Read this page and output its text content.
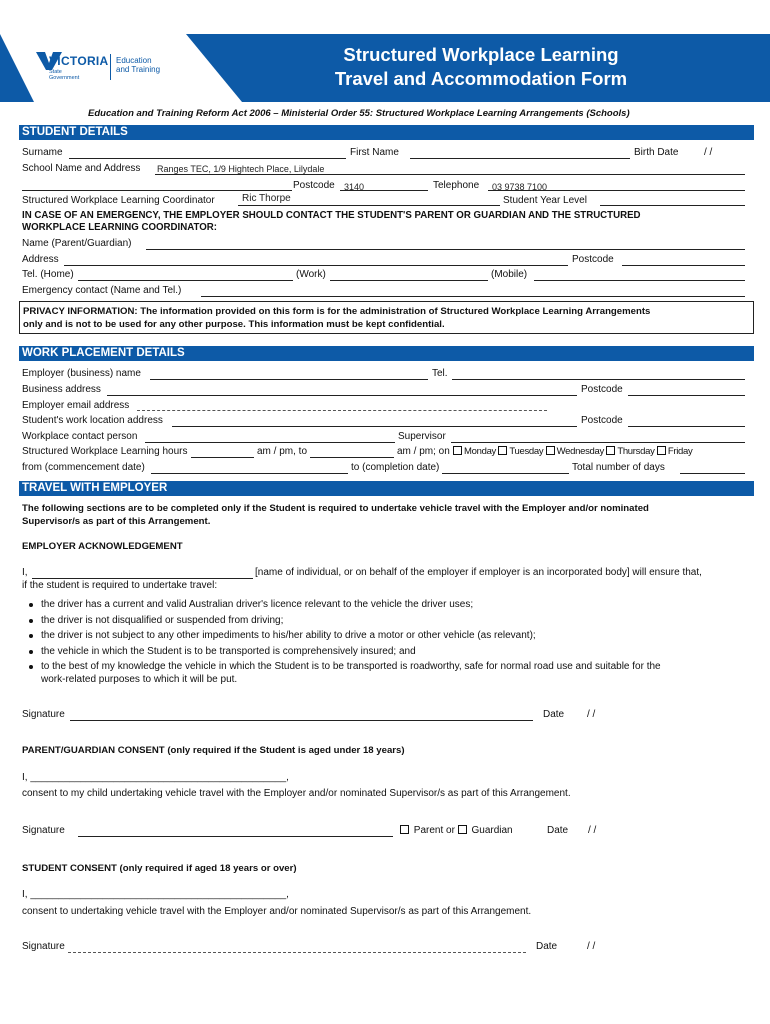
VICTORIA
State
Government
Education
and Training
Structured Workplace Learning
Travel and Accommodation Form
Education and Training Reform Act 2006 – Ministerial Order 55: Structured Workplace Learning Arrangements (Schools)
STUDENT DETAILS
Surname	First Name	Birth Date	/ /
School Name and Address Ranges TEC, 1/9 Hightech Place, Lilydale
Postcode 3140	Telephone 03 9738 7100
Structured Workplace Learning Coordinator	Ric Thorpe	Student Year Level
IN CASE OF AN EMERGENCY, THE EMPLOYER SHOULD CONTACT THE STUDENT'S PARENT OR GUARDIAN AND THE STRUCTURED
WORKPLACE LEARNING COORDINATOR:
Name (Parent/Guardian)
Address	Postcode
Tel. (Home)	(Work)	(Mobile)
Emergency contact (Name and Tel.)
PRIVACY INFORMATION: The information provided on this form is for the administration of Structured Workplace Learning Arrangements
only and is not to be used for any other purpose. This information must be kept confidential.
WORK PLACEMENT DETAILS
Employer (business) name	Tel.
Business address	Postcode
Employer email address
Student's work location address	Postcode
Workplace contact person	Supervisor
Structured Workplace Learning hours	am / pm, to	am / pm; on	Monday Tuesday Wednesday Thursday Friday
from (commencement date)	to (completion date)	Total number of days
TRAVEL WITH EMPLOYER
The following sections are to be completed only if the Student is required to undertake vehicle travel with the Employer and/or nominated
Supervisor/s as part of this Arrangement.
EMPLOYER ACKNOWLEDGEMENT
I,	[name of individual, or on behalf of the employer if employer is an incorporated body] will ensure that,
if the student is required to undertake travel:
the driver has a current and valid Australian driver's licence relevant to the vehicle the driver uses;
the driver is not disqualified or suspended from driving;
the driver is not subject to any other impediments to his/her ability to drive a motor or other vehicle (as relevant);
the vehicle in which the Student is to be transported is comprehensively insured; and
to the best of my knowledge the vehicle in which the Student is to be transported is roadworthy, safe for normal road use and suitable for the
work-related purposes to which it will be put.
Signature	Date / /
PARENT/GUARDIAN CONSENT (only required if the Student is aged under 18 years)
I, ______________________________________________,
consent to my child undertaking vehicle travel with the Employer and/or nominated Supervisor/s as part of this Arrangement.
Signature	Parent or Guardian	Date / /
STUDENT CONSENT (only required if aged 18 years or over)
I, ______________________________________________,
consent to undertaking vehicle travel with the Employer and/or nominated Supervisor/s as part of this Arrangement.
Signature	Date	/ /
